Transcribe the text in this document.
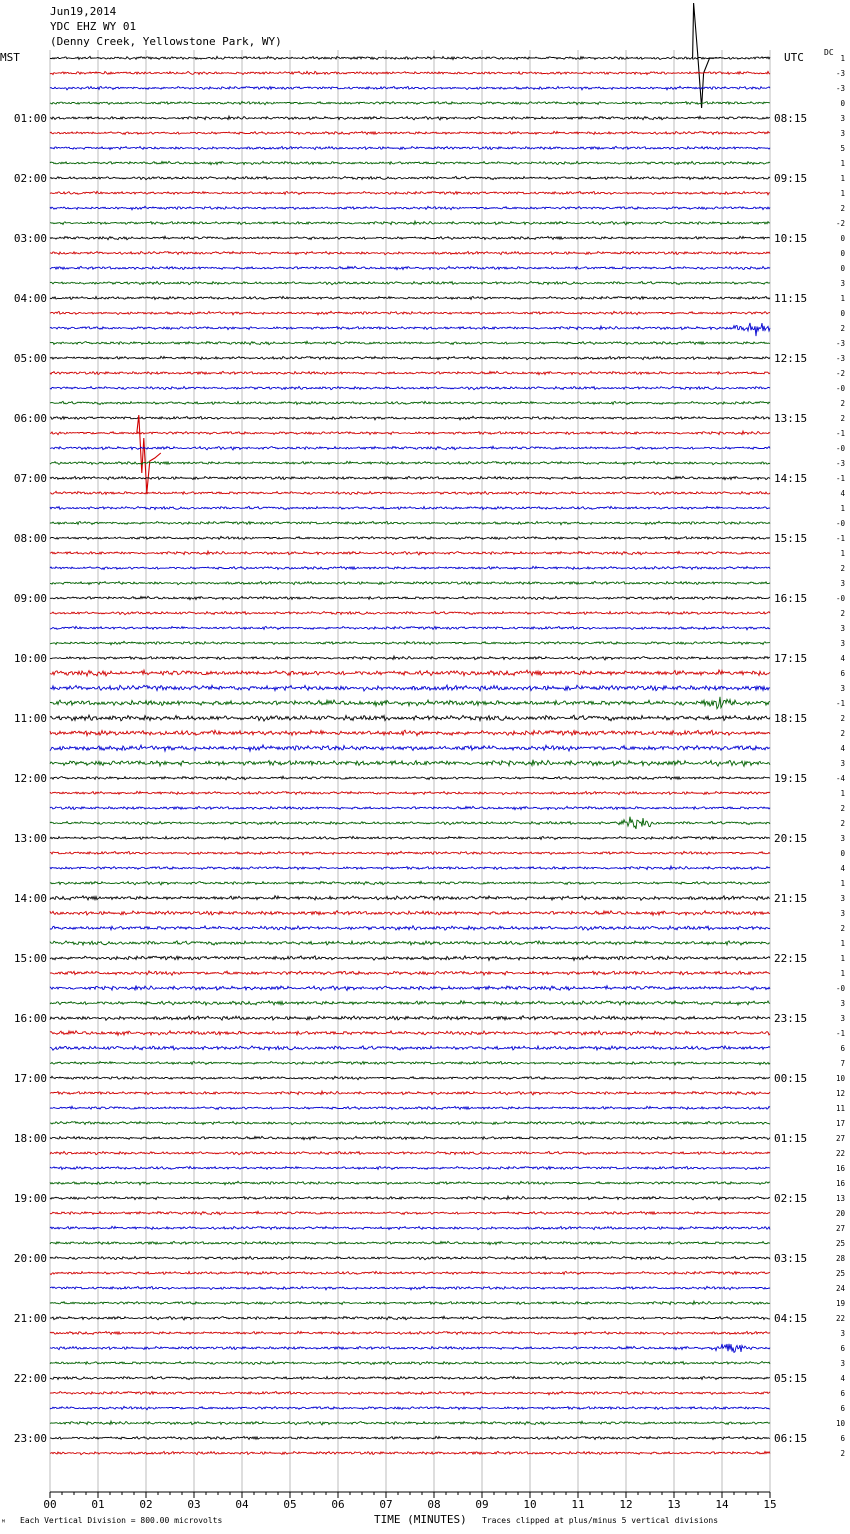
01:00
02:00
03:00
04:00
05:00
06:00
07:00
08:00
09:00
10:00
11:00
12:00
13:00
14:00
15:00
16:00
17:00
18:00
19:00
20:00
21:00
22:00
23:00
08:15
09:15
10:15
11:15
12:15
13:15
14:15
15:15
16:15
17:15
18:15
19:15
20:15
21:15
22:15
23:15
00:15
01:15
02:15
03:15
04:15
05:15
06:15
1
-3
-3
0
3
3
5
1
1
1
2
-2
0
0
0
3
1
0
2
-3
-3
-2
-0
2
2
-1
-0
-3
-1
4
1
-0
-1
1
2
3
-0
2
3
3
4
6
3
-1
2
2
4
3
-4
1
2
2
3
0
4
1
3
3
2
1
1
1
-0
3
3
-1
6
7
10
12
11
17
27
22
16
16
13
20
27
25
28
25
24
19
22
3
6
3
4
6
6
10
6
2
00	01	02	03	04	05	06	07	08	09	10	11	12	13	14	15
Jun19,2014
YDC EHZ WY 01
(Denny Creek, Yellowstone Park, WY)
MST	UTC	DC
ᴹ Each Vertical Division = 800.00 microvolts	TIME (MINUTES) Traces clipped at plus/minus 5 vertical divisions
